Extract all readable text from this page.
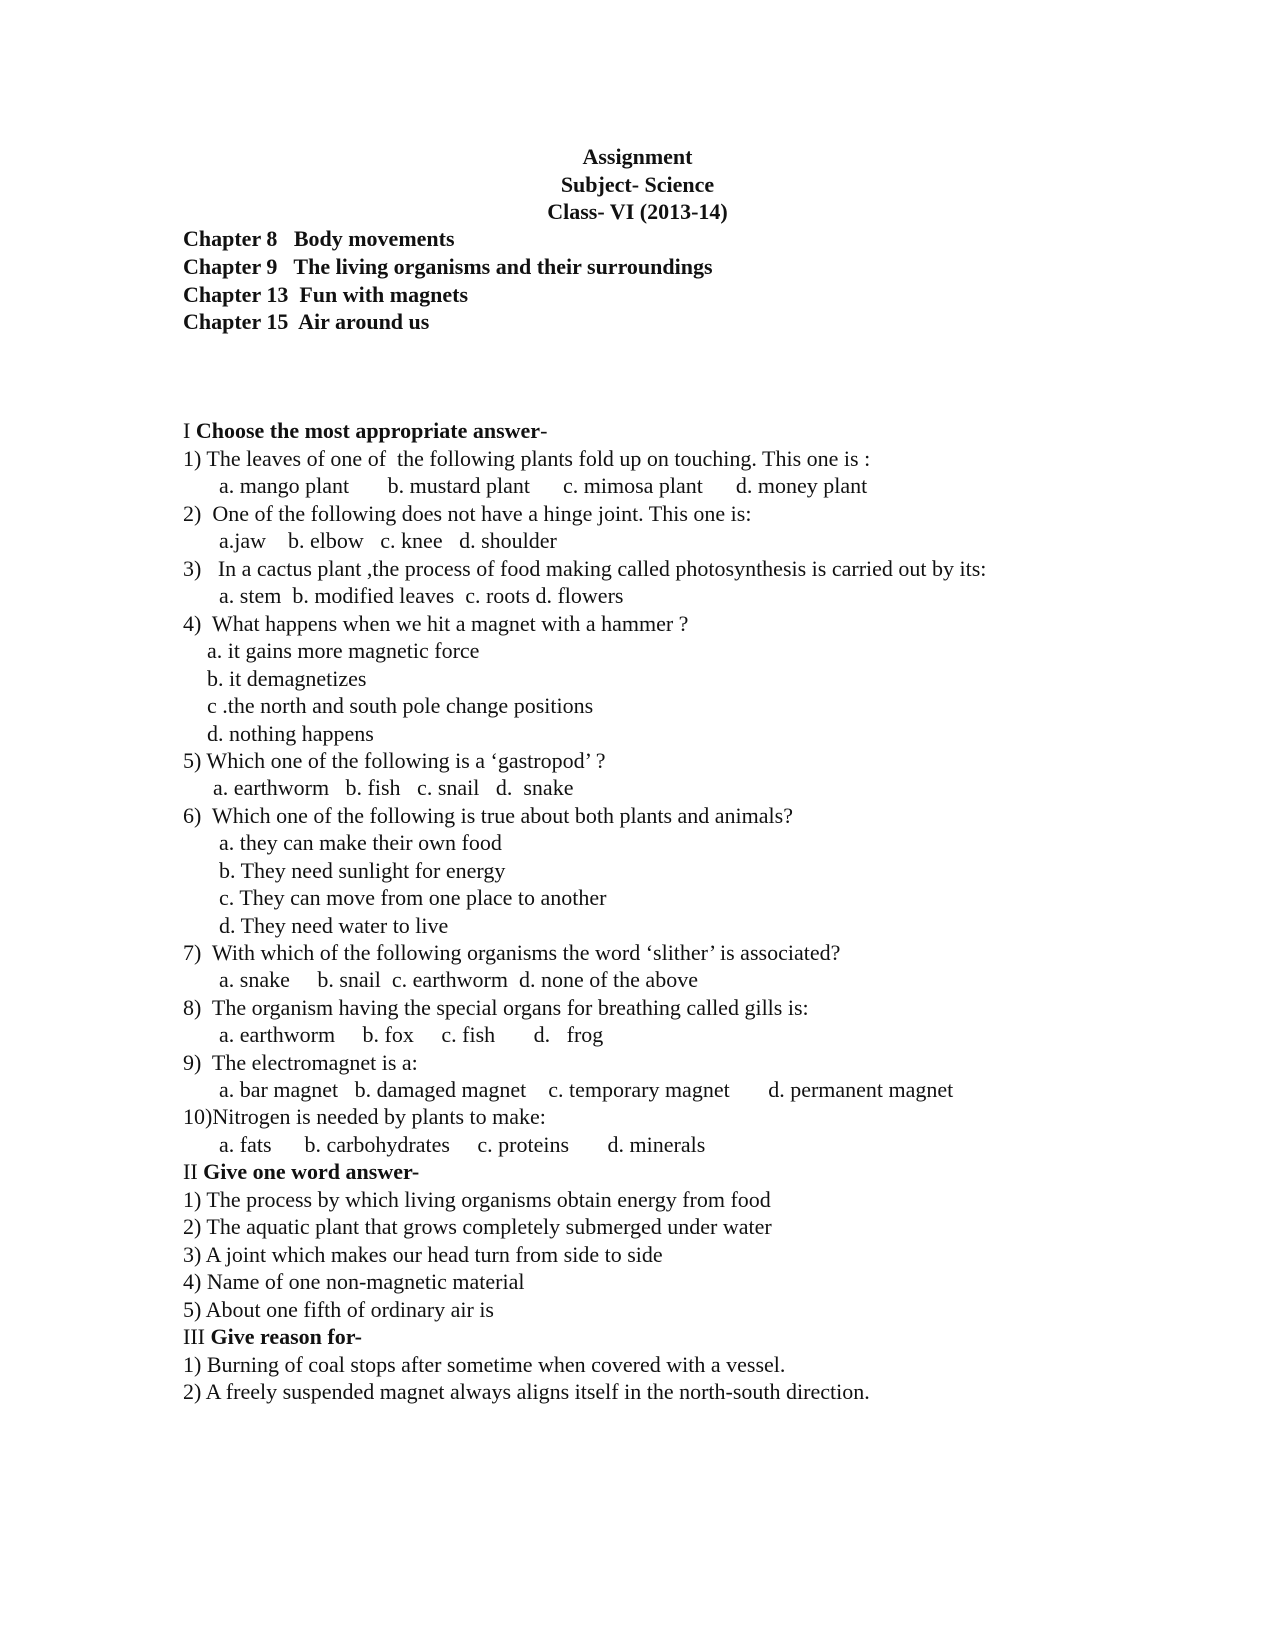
Assignment
Subject- Science
Class- VI (2013-14)
Chapter 8   Body movements
Chapter 9   The living organisms and their surroundings
Chapter 13  Fun with magnets
Chapter 15  Air around us
I Choose the most appropriate answer-
1) The leaves of one of  the following plants fold up on touching. This one is :
a. mango plant       b. mustard plant      c. mimosa plant      d. money plant
2)  One of the following does not have a hinge joint. This one is:
a.jaw    b. elbow   c. knee   d. shoulder
3)   In a cactus plant ,the process of food making called photosynthesis is carried out by its:
a. stem  b. modified leaves  c. roots d. flowers
4)  What happens when we hit a magnet with a hammer ?
a. it gains more magnetic force
b. it demagnetizes
c .the north and south pole change positions
d. nothing happens
5) Which one of the following is a ‘gastropod’ ?
a. earthworm   b. fish   c. snail   d.  snake
6)  Which one of the following is true about both plants and animals?
a. they can make their own food
b. They need sunlight for energy
c. They can move from one place to another
d. They need water to live
7)  With which of the following organisms the word ‘slither’ is associated?
a. snake     b. snail  c. earthworm  d. none of the above
8)  The organism having the special organs for breathing called gills is:
a. earthworm     b. fox     c. fish       d.   frog
9)  The electromagnet is a:
a. bar magnet   b. damaged magnet    c. temporary magnet       d. permanent magnet
10)Nitrogen is needed by plants to make:
a. fats      b. carbohydrates     c. proteins       d. minerals
II Give one word answer-
1) The process by which living organisms obtain energy from food
2) The aquatic plant that grows completely submerged under water
3) A joint which makes our head turn from side to side
4) Name of one non-magnetic material
5) About one fifth of ordinary air is
III Give reason for-
1) Burning of coal stops after sometime when covered with a vessel.
2) A freely suspended magnet always aligns itself in the north-south direction.
